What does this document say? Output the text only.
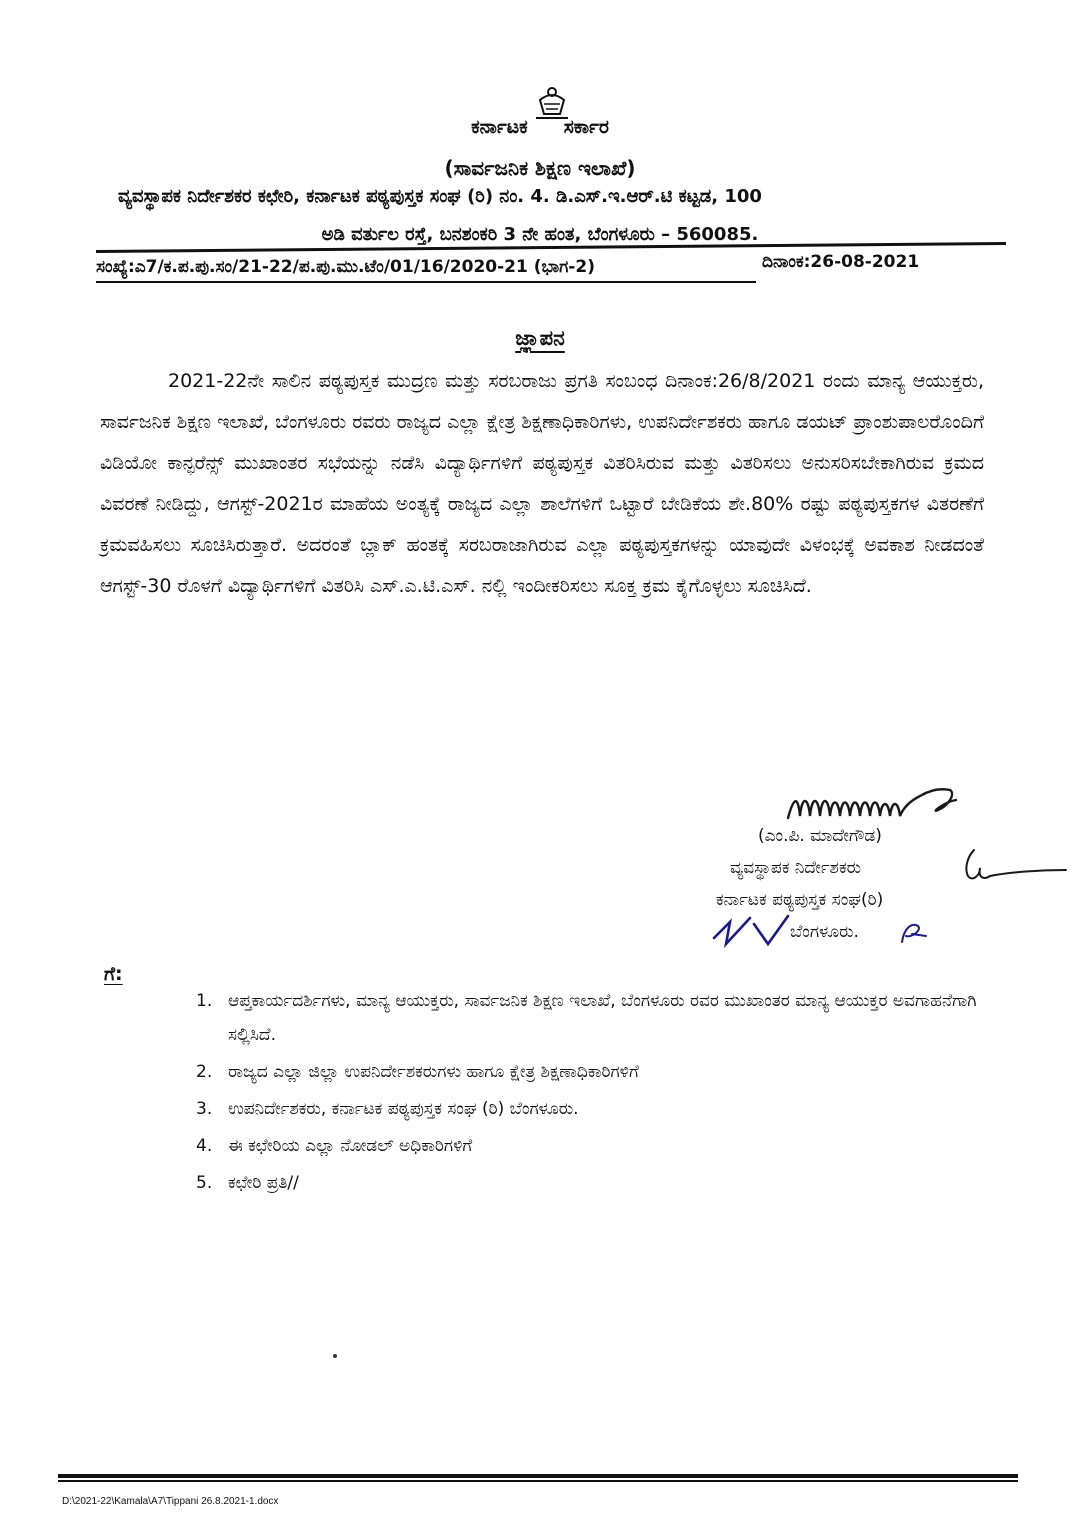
ಕರ್ನಾಟಕ ಸರ್ಕಾರ
(ಸಾರ್ವಜನಿಕ ಶಿಕ್ಷಣ ಇಲಾಖೆ)
ವ್ಯವಸ್ಥಾಪಕ ನಿರ್ದೇಶಕರ ಕಛೇರಿ, ಕರ್ನಾಟಕ ಪಠ್ಯಪುಸ್ತಕ ಸಂಘ (ರಿ) ನಂ. 4. ಡಿ.ಎಸ್.ಇ.ಆರ್.ಟಿ ಕಟ್ಟಡ, 100
ಅಡಿ ವರ್ತುಲ ರಸ್ತೆ, ಬನಶಂಕರಿ 3 ನೇ ಹಂತ, ಬೆಂಗಳೂರು – 560085.
ಸಂಖ್ಯೆ:ಎ7/ಕ.ಪ.ಪು.ಸಂ/21-22/ಪ.ಪು.ಮು.ಟೆಂ/01/16/2020-21 (ಭಾಗ-2)	ದಿನಾಂಕ:26-08-2021
ಜ್ಞಾಪನ

2021-22ನೇ ಸಾಲಿನ ಪಠ್ಯಪುಸ್ತಕ ಮುದ್ರಣ ಮತ್ತು ಸರಬರಾಜು ಪ್ರಗತಿ ಸಂಬಂಧ ದಿನಾಂಕ:26/8/2021 ರಂದು ಮಾನ್ಯ ಆಯುಕ್ತರು, ಸಾರ್ವಜನಿಕ ಶಿಕ್ಷಣ ಇಲಾಖೆ, ಬೆಂಗಳೂರು ರವರು ರಾಜ್ಯದ ಎಲ್ಲಾ ಕ್ಷೇತ್ರ ಶಿಕ್ಷಣಾಧಿಕಾರಿಗಳು, ಉಪನಿರ್ದೇಶಕರು ಹಾಗೂ ಡಯಟ್ ಪ್ರಾಂಶುಪಾಲರೊಂದಿಗೆ ವಿಡಿಯೋ ಕಾನ್ಫರೆನ್ಸ್ ಮುಖಾಂತರ ಸಭೆಯನ್ನು ನಡೆಸಿ ವಿದ್ಯಾರ್ಥಿಗಳಿಗೆ ಪಠ್ಯಪುಸ್ತಕ ವಿತರಿಸಿರುವ ಮತ್ತು ವಿತರಿಸಲು ಅನುಸರಿಸಬೇಕಾಗಿರುವ ಕ್ರಮದ ವಿವರಣೆ ನೀಡಿದ್ದು, ಆಗಸ್ಟ್-2021ರ ಮಾಹೆಯ ಅಂತ್ಯಕ್ಕೆ ರಾಜ್ಯದ ಎಲ್ಲಾ ಶಾಲೆಗಳಿಗೆ ಒಟ್ಟಾರೆ ಬೇಡಿಕೆಯ ಶೇ.80% ರಷ್ಟು ಪಠ್ಯಪುಸ್ತಕಗಳ ವಿತರಣೆಗೆ ಕ್ರಮವಹಿಸಲು ಸೂಚಿಸಿರುತ್ತಾರೆ. ಅದರಂತೆ ಬ್ಲಾಕ್ ಹಂತಕ್ಕೆ ಸರಬರಾಜಾಗಿರುವ ಎಲ್ಲಾ ಪಠ್ಯಪುಸ್ತಕಗಳನ್ನು ಯಾವುದೇ ವಿಳಂಭಕ್ಕೆ ಅವಕಾಶ ನೀಡದಂತೆ ಆಗಸ್ಟ್-30 ರೊಳಗೆ ವಿದ್ಯಾರ್ಥಿಗಳಿಗೆ ವಿತರಿಸಿ ಎಸ್.ಎ.ಟಿ.ಎಸ್. ನಲ್ಲಿ ಇಂದೀಕರಿಸಲು ಸೂಕ್ತ ಕ್ರಮ ಕೈಗೊಳ್ಳಲು ಸೂಚಿಸಿದೆ.

(ಎಂ.ಪಿ. ಮಾದೇಗೌಡ)
ವ್ಯವಸ್ಥಾಪಕ ನಿರ್ದೇಶಕರು
ಕರ್ನಾಟಕ ಪಠ್ಯಪುಸ್ತಕ ಸಂಘ(ರಿ)
ಬೆಂಗಳೂರು.
ಗೆ:
1. ಆಪ್ತಕಾರ್ಯದರ್ಶಿಗಳು, ಮಾನ್ಯ ಆಯುಕ್ತರು, ಸಾರ್ವಜನಿಕ ಶಿಕ್ಷಣ ಇಲಾಖೆ, ಬೆಂಗಳೂರು ರವರ ಮುಖಾಂತರ ಮಾನ್ಯ ಆಯುಕ್ತರ ಅವಗಾಹನೆಗಾಗಿ ಸಲ್ಲಿಸಿದೆ.
2. ರಾಜ್ಯದ ಎಲ್ಲಾ ಜಿಲ್ಲಾ ಉಪನಿರ್ದೇಶಕರುಗಳು ಹಾಗೂ ಕ್ಷೇತ್ರ ಶಿಕ್ಷಣಾಧಿಕಾರಿಗಳಿಗೆ
3. ಉಪನಿರ್ದೇಶಕರು, ಕರ್ನಾಟಕ ಪಠ್ಯಪುಸ್ತಕ ಸಂಘ (ರಿ) ಬೆಂಗಳೂರು.
4. ಈ ಕಛೇರಿಯ ಎಲ್ಲಾ ನೋಡಲ್ ಅಧಿಕಾರಿಗಳಿಗೆ
5. ಕಛೇರಿ ಪ್ರತಿ//
D:\2021-22\Kamala\A7\Tippani 26.8.2021-1.docx
